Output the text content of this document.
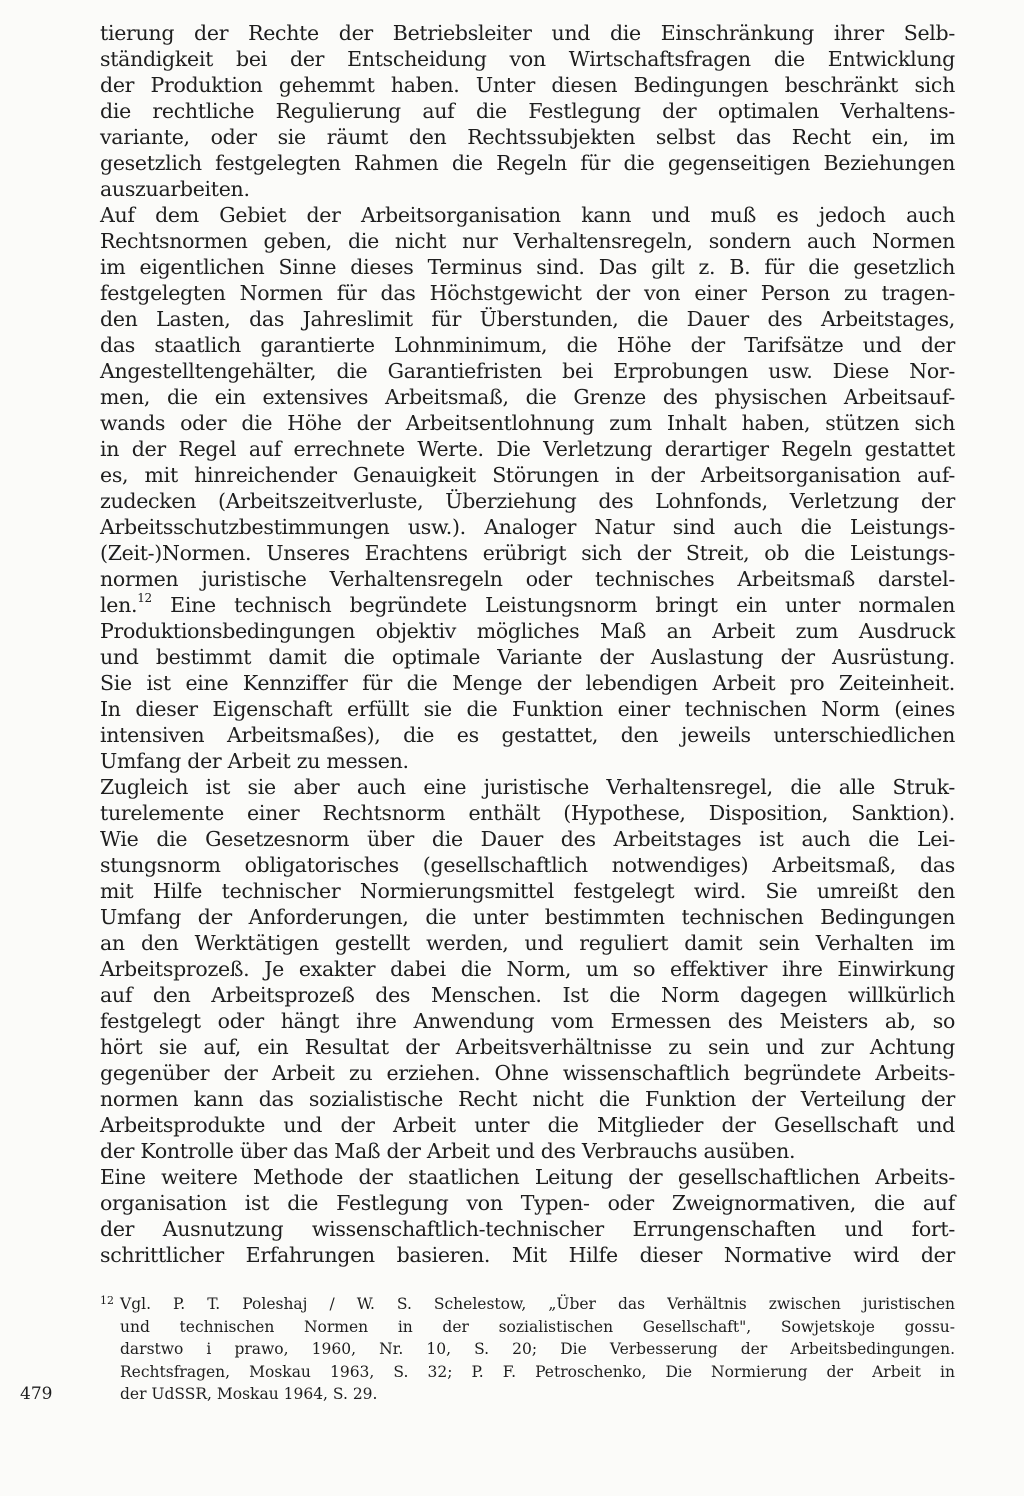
tierung der Rechte der Betriebsleiter und die Einschränkung ihrer Selb-
ständigkeit bei der Entscheidung von Wirtschaftsfragen die Entwicklung
der Produktion gehemmt haben. Unter diesen Bedingungen beschränkt sich
die rechtliche Regulierung auf die Festlegung der optimalen Verhaltens-
variante, oder sie räumt den Rechtssubjekten selbst das Recht ein, im
gesetzlich festgelegten Rahmen die Regeln für die gegenseitigen Beziehungen
auszuarbeiten.
Auf dem Gebiet der Arbeitsorganisation kann und muß es jedoch auch
Rechtsnormen geben, die nicht nur Verhaltensregeln, sondern auch Normen
im eigentlichen Sinne dieses Terminus sind. Das gilt z. B. für die gesetzlich
festgelegten Normen für das Höchstgewicht der von einer Person zu tragen-
den Lasten, das Jahreslimit für Überstunden, die Dauer des Arbeitstages,
das staatlich garantierte Lohnminimum, die Höhe der Tarifsätze und der
Angestelltengehälter, die Garantiefristen bei Erprobungen usw. Diese Nor-
men, die ein extensives Arbeitsmaß, die Grenze des physischen Arbeitsauf-
wands oder die Höhe der Arbeitsentlohnung zum Inhalt haben, stützen sich
in der Regel auf errechnete Werte. Die Verletzung derartiger Regeln gestattet
es, mit hinreichender Genauigkeit Störungen in der Arbeitsorganisation auf-
zudecken (Arbeitszeitverluste, Überziehung des Lohnfonds, Verletzung der
Arbeitsschutzbestimmungen usw.). Analoger Natur sind auch die Leistungs-
(Zeit-)Normen. Unseres Erachtens erübrigt sich der Streit, ob die Leistungs-
normen juristische Verhaltensregeln oder technisches Arbeitsmaß darstel-
len.$^{12}$ Eine technisch begründete Leistungsnorm bringt ein unter normalen
Produktionsbedingungen objektiv mögliches Maß an Arbeit zum Ausdruck
und bestimmt damit die optimale Variante der Auslastung der Ausrüstung.
Sie ist eine Kennziffer für die Menge der lebendigen Arbeit pro Zeiteinheit.
In dieser Eigenschaft erfüllt sie die Funktion einer technischen Norm (eines
intensiven Arbeitsmaßes), die es gestattet, den jeweils unterschiedlichen
Umfang der Arbeit zu messen.
Zugleich ist sie aber auch eine juristische Verhaltensregel, die alle Struk-
turelemente einer Rechtsnorm enthält (Hypothese, Disposition, Sanktion).
Wie die Gesetzesnorm über die Dauer des Arbeitstages ist auch die Lei-
stungsnorm obligatorisches (gesellschaftlich notwendiges) Arbeitsmaß, das
mit Hilfe technischer Normierungsmittel festgelegt wird. Sie umreißt den
Umfang der Anforderungen, die unter bestimmten technischen Bedingungen
an den Werktätigen gestellt werden, und reguliert damit sein Verhalten im
Arbeitsprozeß. Je exakter dabei die Norm, um so effektiver ihre Einwirkung
auf den Arbeitsprozeß des Menschen. Ist die Norm dagegen willkürlich
festgelegt oder hängt ihre Anwendung vom Ermessen des Meisters ab, so
hört sie auf, ein Resultat der Arbeitsverhältnisse zu sein und zur Achtung
gegenüber der Arbeit zu erziehen. Ohne wissenschaftlich begründete Arbeits-
normen kann das sozialistische Recht nicht die Funktion der Verteilung der
Arbeitsprodukte und der Arbeit unter die Mitglieder der Gesellschaft und
der Kontrolle über das Maß der Arbeit und des Verbrauchs ausüben.
Eine weitere Methode der staatlichen Leitung der gesellschaftlichen Arbeits-
organisation ist die Festlegung von Typen- oder Zweignormativen, die auf
der Ausnutzung wissenschaftlich-technischer Errungenschaften und fort-
schrittlicher Erfahrungen basieren. Mit Hilfe dieser Normative wird der
12 Vgl. P. T. Poleshaj / W. S. Schelestow, „Über das Verhältnis zwischen juristischen
und technischen Normen in der sozialistischen Gesellschaft", Sowjetskoje gossu-
darstwo i prawo, 1960, Nr. 10, S. 20; Die Verbesserung der Arbeitsbedingungen.
Rechtsfragen, Moskau 1963, S. 32; P. F. Petroschenko, Die Normierung der Arbeit in
der UdSSR, Moskau 1964, S. 29.
479
